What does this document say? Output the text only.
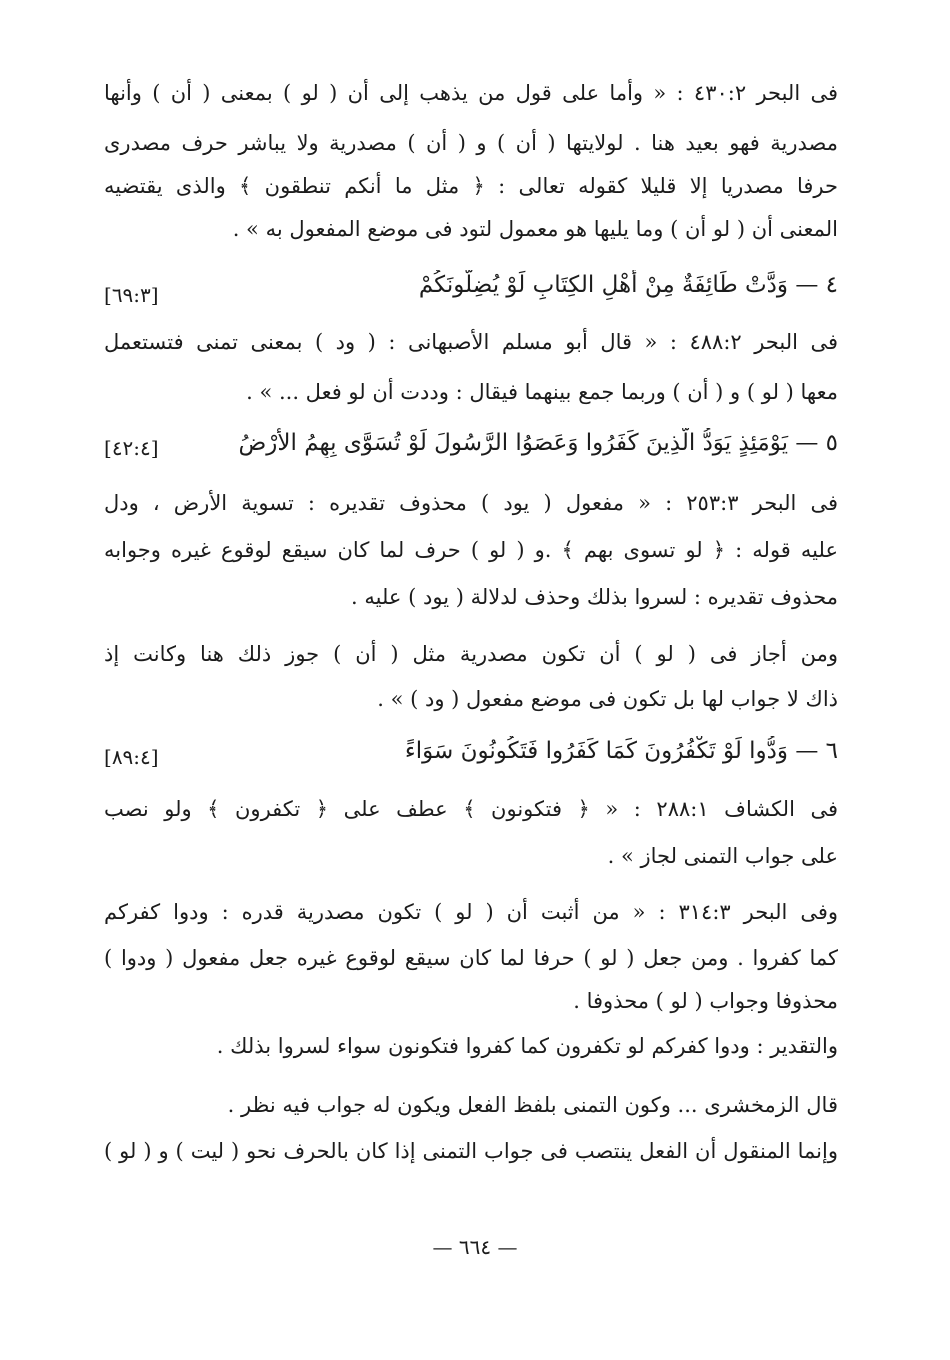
فى البحر ٤٣٠:٢ : « وأما على قول من يذهب إلى أن ( لو ) بمعنى ( أن ) وأنها
مصدرية فهو بعيد هنا . لولايتها ( أن ) و ( أن ) مصدرية ولا يباشر حرف مصدرى
حرفا مصدريا إلا قليلا كقوله تعالى : ﴿ مثل ما أنكم تنطقون ﴾ والذى يقتضيه
المعنى أن ( لو أن ) وما يليها هو معمول لتود فى موضع المفعول به » .
٤ — وَدَّتْ طَائِفَةٌ مِنْ أَهْلِ الكِتَابِ لَوْ يُضِلُّونَكُمْ
[٦٩:٣]
فى البحر ٤٨٨:٢ : « قال أبو مسلم الأصبهانى : ( ود ) بمعنى تمنى فتستعمل
معها ( لو ) و ( أن ) وربما جمع بينهما فيقال : وددت أن لو فعل ... » .
٥ — يَوْمَئِذٍ يَوَدُّ الَّذِينَ كَفَرُوا وَعَصَوُا الرَّسُولَ لَوْ تُسَوَّى بِهِمُ الأَرْضُ
[٤٢:٤]
فى البحر ٢٥٣:٣ : « مفعول ( يود ) محذوف تقديره : تسوية الأرض ، ودل
عليه قوله : ﴿ لو تسوى بهم ﴾ .و ( لو ) حرف لما كان سيقع لوقوع غيره وجوابه
محذوف تقديره : لسروا بذلك وحذف لدلالة ( يود ) عليه .
ومن أجاز فى ( لو ) أن تكون مصدرية مثل ( أن ) جوز ذلك هنا وكانت إذ
ذاك لا جواب لها بل تكون فى موضع مفعول ( ود ) » .
٦ — وَدُّوا لَوْ تَكْفُرُونَ كَمَا كَفَرُوا فَتَكُونُونَ سَوَاءً
[٨٩:٤]
فى الكشاف ٢٨٨:١ : « ﴿ فتكونون ﴾ عطف على ﴿ تكفرون ﴾ ولو نصب
على جواب التمنى لجاز » .
وفى البحر ٣١٤:٣ : « من أثبت أن ( لو ) تكون مصدرية قدره : ودوا كفركم
كما كفروا . ومن جعل ( لو ) حرفا لما كان سيقع لوقوع غيره جعل مفعول ( ودوا )
محذوفا وجواب ( لو ) محذوفا .
والتقدير : ودوا كفركم لو تكفرون كما كفروا فتكونون سواء لسروا بذلك .
قال الزمخشرى ... وكون التمنى بلفظ الفعل ويكون له جواب فيه نظر .
وإنما المنقول أن الفعل ينتصب فى جواب التمنى إذا كان بالحرف نحو ( ليت ) و ( لو )
— ٦٦٤ —
